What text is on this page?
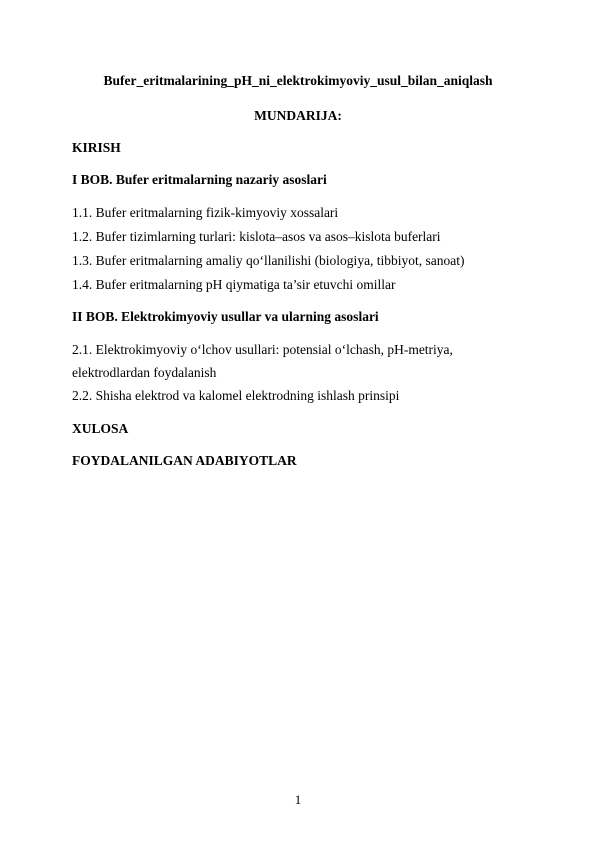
Bufer_eritmalarining_pH_ni_elektrokimyoviy_usul_bilan_aniqlash
MUNDARIJA:
KIRISH
I BOB. Bufer eritmalarning nazariy asoslari
1.1. Bufer eritmalarning fizik-kimyoviy xossalari
1.2. Bufer tizimlarning turlari: kislota–asos va asos–kislota buferlari
1.3. Bufer eritmalarning amaliy qo‘llanilishi (biologiya, tibbiyot, sanoat)
1.4. Bufer eritmalarning pH qiymatiga ta’sir etuvchi omillar
II BOB. Elektrokimyoviy usullar va ularning asoslari
2.1. Elektrokimyoviy o‘lchov usullari: potensial o‘lchash, pH-metriya,
elektrodlardan foydalanish
2.2. Shisha elektrod va kalomel elektrodning ishlash prinsipi
XULOSA
FOYDALANILGAN ADABIYOTLAR
1
